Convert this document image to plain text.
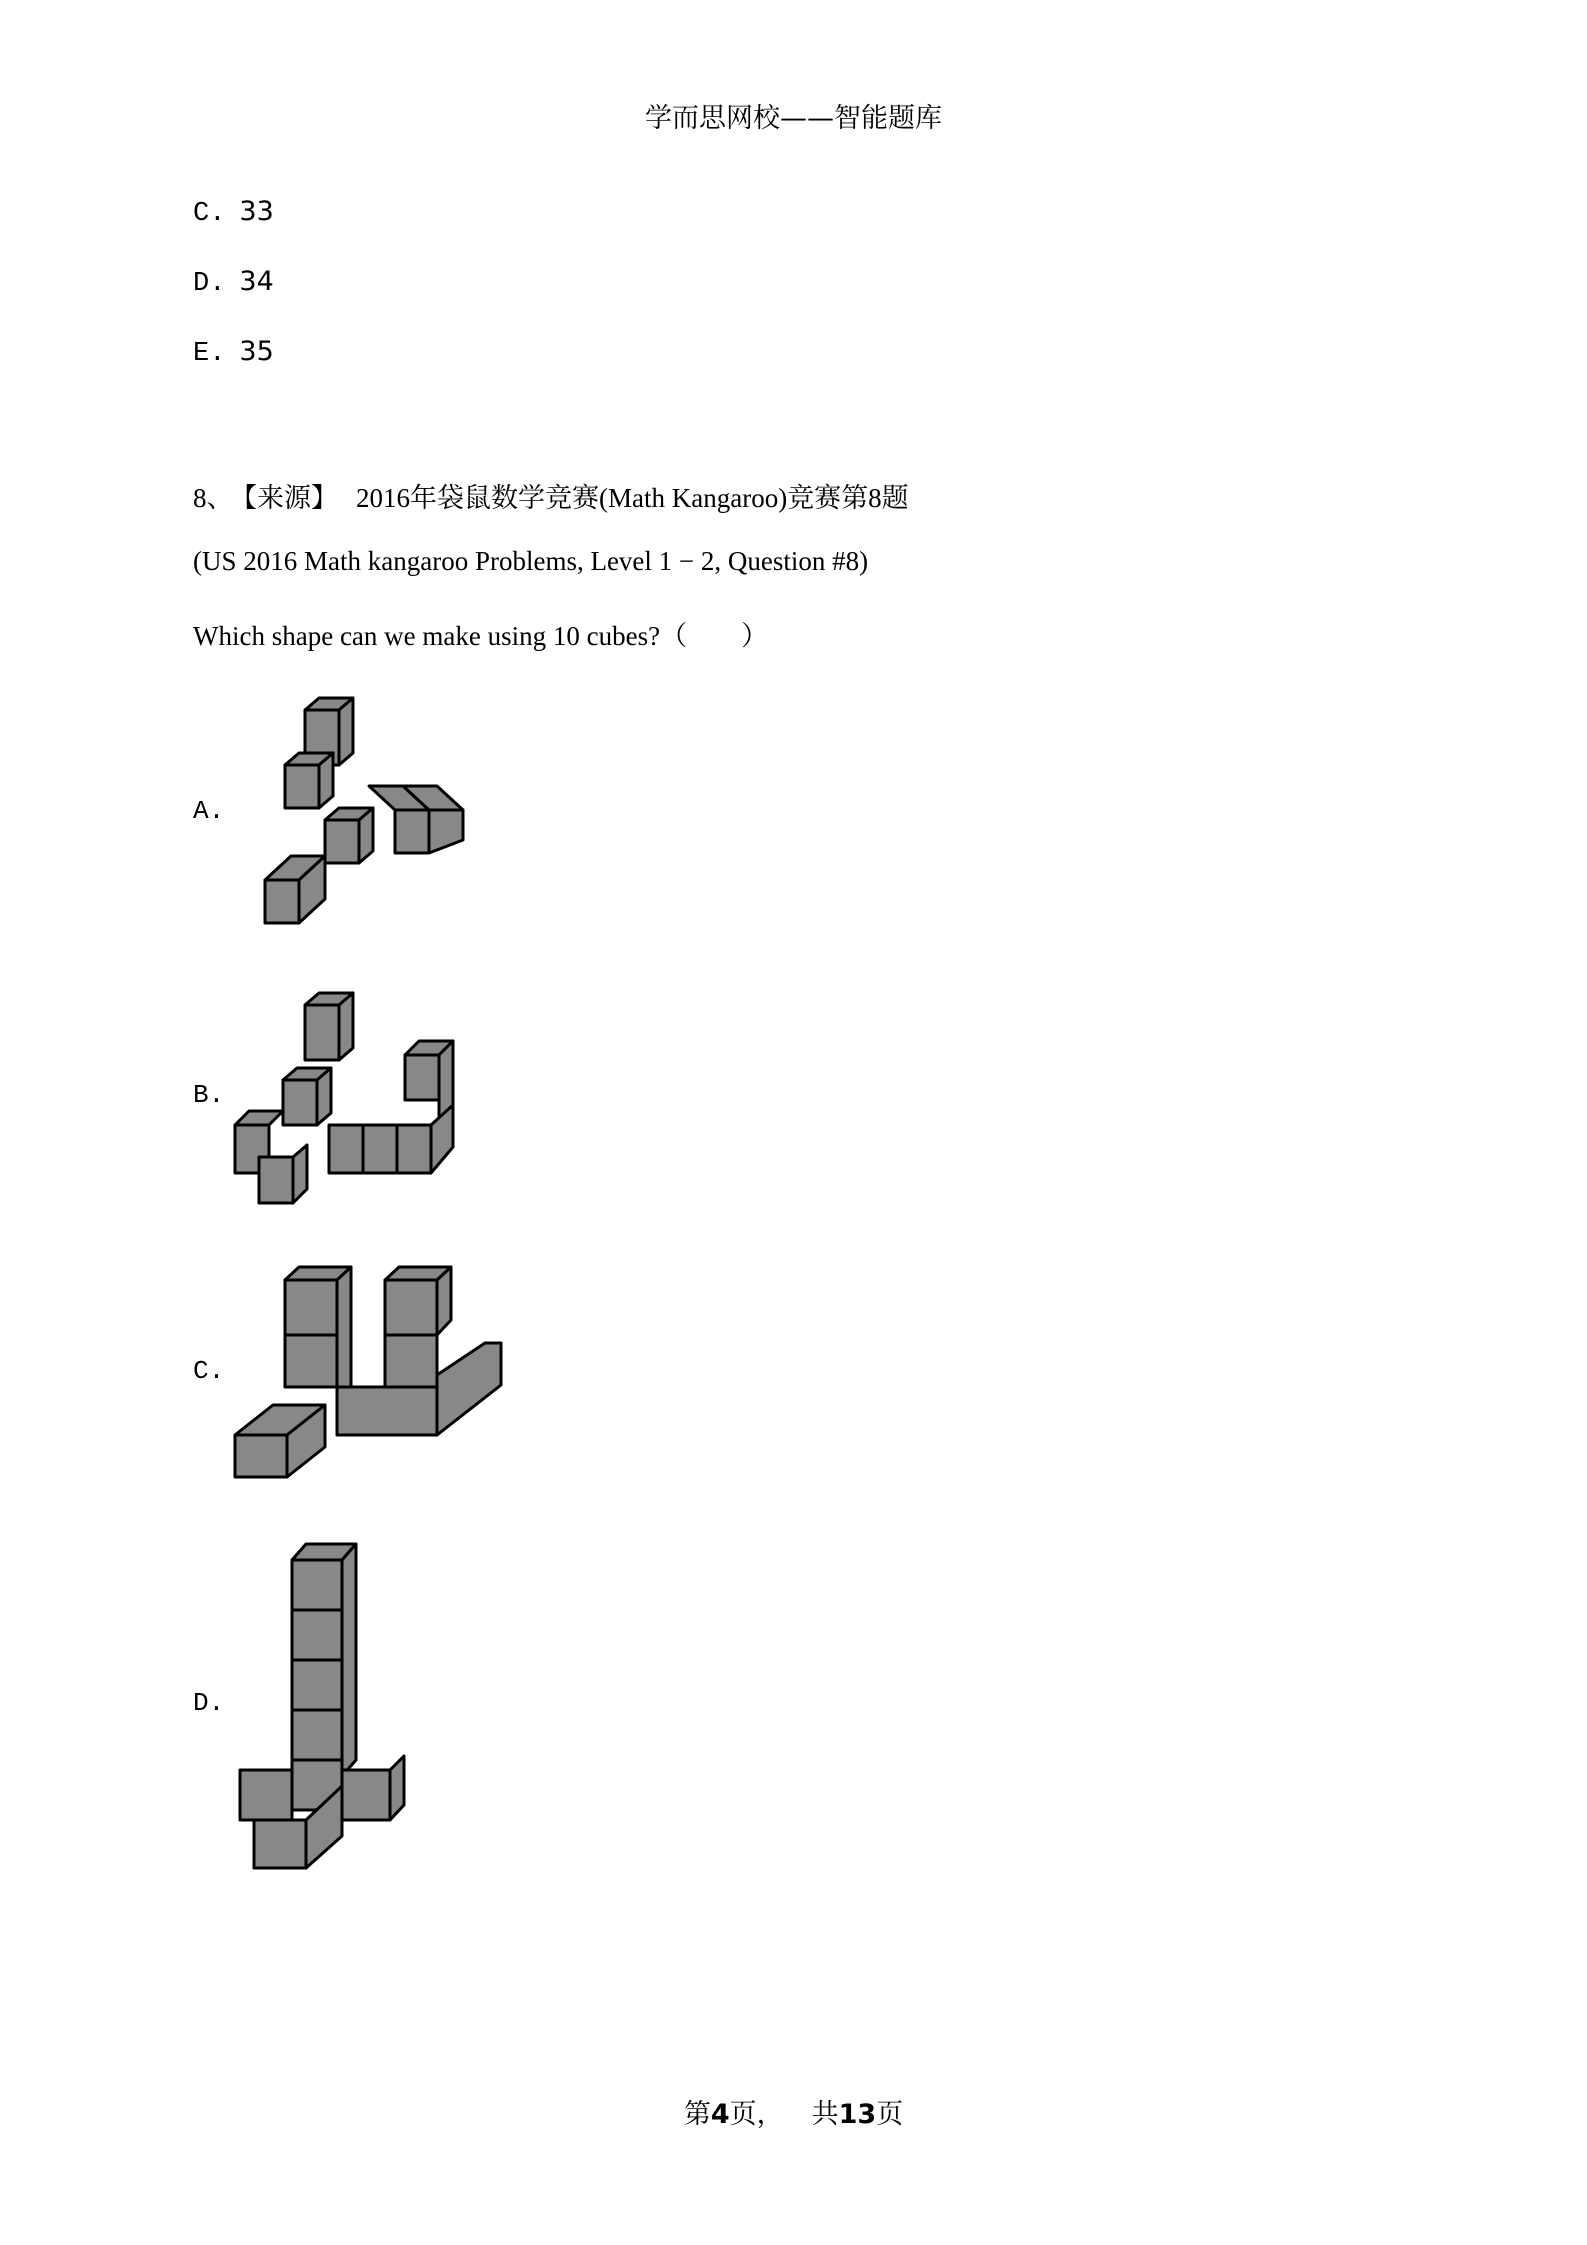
学而思网校——智能题库
C. 33
D. 34
E. 35
8、 【来源】 2016年袋鼠数学竞赛(Math Kangaroo)竞赛第8题
(US 2016 Math kangaroo Problems, Level 1 − 2, Question #8)
Which shape can we make using 10 cubes?（　　）
A.
B.
C.
D.
第4页， 共13页
